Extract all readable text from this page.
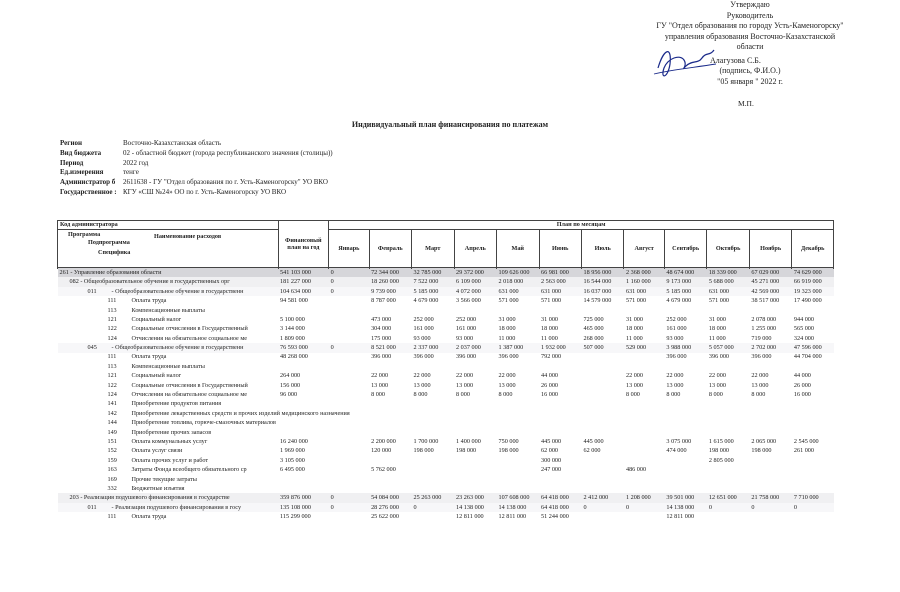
Утверждаю
Руководитель
ГУ "Отдел образования по городу Усть-Каменогорску"
управления образования Восточно-Казахстанской
области
Алагузова С.Б.
(подпись, Ф.И.О.)
"05 января " 2022 г.
М.П.
Индивидуальный план финансирования по платежам
Регион	Восточно-Казахстанская область
Вид бюджета	02 - областной бюджет (города республиканского значения (столицы))
Период	2022 год
Ед.измерения	тенге
Администратор б	2611638 - ГУ "Отдел образования по г. Усть-Каменогорску" УО ВКО
Государственное : КГУ «СШ №24» ОО по г. Усть-Каменогорску УО ВКО
Код администратора	Финансовый план на год	План по месяцам											

Программа
Подпрограмма
Специфика
Наименование расходов		Январь	Февраль	Март	Апрель	Май	Июнь	Июль	Август	Сентябрь	Октябрь	Ноябрь	Декабрь

261 - Управление образования области	541 103 000	0	72 344 000	32 785 000	29 372 000	109 626 000	66 981 000	18 956 000	2 368 000	48 674 000	18 339 000	67 029 000	74 629 000
082 - Общеобразовательное обучение в государственных орг	181 227 000	0	18 260 000	7 522 000	6 109 000	2 018 000	2 563 000	16 544 000	1 160 000	9 173 000	5 688 000	45 271 000	66 919 000
011 - Общеобразовательное обучение в государственн	104 634 000	0	9 739 000	5 185 000	4 072 000	631 000	631 000	16 037 000	631 000	5 185 000	631 000	42 569 000	19 323 000
111 Оплата труда	94 581 000		8 787 000	4 679 000	3 566 000	571 000	571 000	14 579 000	571 000	4 679 000	571 000	38 517 000	17 490 000
113 Компенсационные выплаты													
121 Социальный налог	5 100 000		473 000	252 000	252 000	31 000	31 000	725 000	31 000	252 000	31 000	2 078 000	944 000
122 Социальные отчисления в Государственный	3 144 000		304 000	161 000	161 000	18 000	18 000	465 000	18 000	161 000	18 000	1 255 000	565 000
124 Отчисления на обязательное социальное ме	1 809 000		175 000	93 000	93 000	11 000	11 000	268 000	11 000	93 000	11 000	719 000	324 000
045 - Общеобразовательное обучение в государственн	76 593 000	0	8 521 000	2 337 000	2 037 000	1 387 000	1 932 000	507 000	529 000	3 988 000	5 057 000	2 702 000	47 596 000
111 Оплата труда	48 268 000		396 000	396 000	396 000	396 000	792 000			396 000	396 000	396 000	44 704 000
113 Компенсационные выплаты													
121 Социальный налог	264 000		22 000	22 000	22 000	22 000	44 000		22 000	22 000	22 000	22 000	44 000
122 Социальные отчисления в Государственный	156 000		13 000	13 000	13 000	13 000	26 000		13 000	13 000	13 000	13 000	26 000
124 Отчисления на обязательное социальное ме	96 000		8 000	8 000	8 000	8 000	16 000		8 000	8 000	8 000	8 000	16 000
141 Приобретение продуктов питания													
142 Приобретение лекарственных средств и прочих изделий медицинского назначения													
144 Приобретение топлива, горюче-смазочных материалов													
149 Приобретение прочих запасов													
151 Оплата коммунальных услуг	16 240 000		2 200 000	1 700 000	1 400 000	750 000	445 000	445 000		3 075 000	1 615 000	2 065 000	2 545 000
152 Оплата услуг связи	1 969 000		120 000	198 000	198 000	198 000	62 000	62 000		474 000	198 000	198 000	261 000
159 Оплата прочих услуг и работ	3 105 000						300 000				2 805 000		
163 Затраты Фонда всеобщего обязательного ср	6 495 000		5 762 000				247 000		486 000				
169 Прочие текущие затраты													
332 Бюджетные изъятия													
203 - Реализация подушевого финансирования в государстве	359 876 000	0	54 084 000	25 263 000	23 263 000	107 608 000	64 418 000	2 412 000	1 208 000	39 501 000	12 651 000	21 758 000	7 710 000
011 - Реализация подушевого финансирования в госу	135 108 000	0	28 276 000	0	14 138 000	14 138 000	64 418 000	0	0	14 138 000	0	0	0
111 Оплата труда	115 299 000		25 622 000		12 811 000	12 811 000	51 244 000			12 811 000			
